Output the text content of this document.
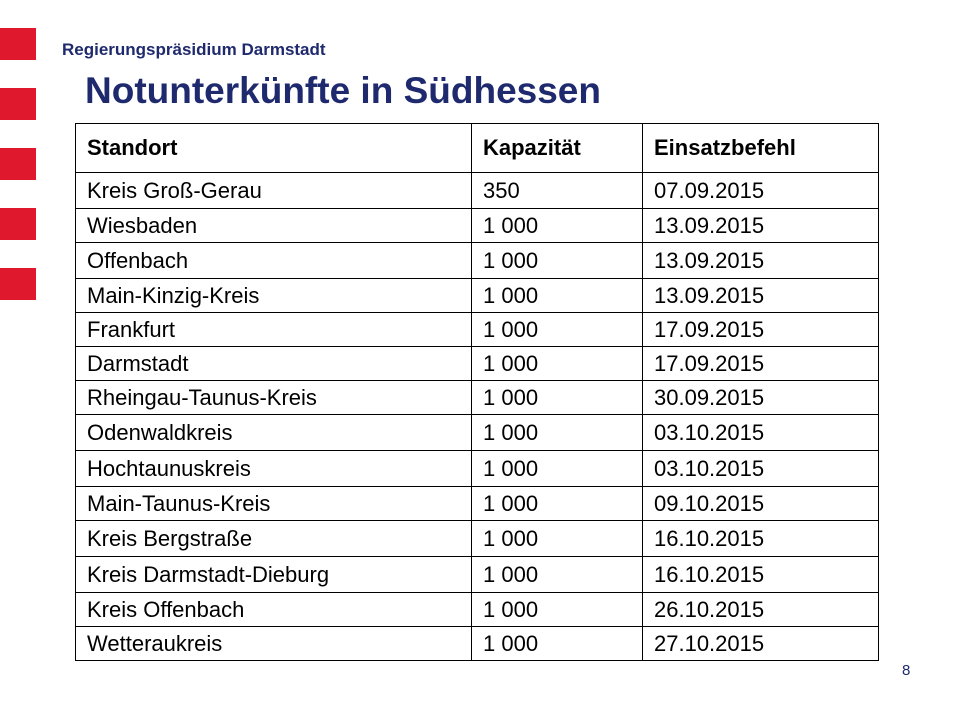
Regierungspräsidium Darmstadt
Notunterkünfte in Südhessen
Standort	Kapazität	Einsatzbefehl
Kreis Groß-Gerau	350	07.09.2015
Wiesbaden	1 000	13.09.2015
Offenbach	1 000	13.09.2015
Main-Kinzig-Kreis	1 000	13.09.2015
Frankfurt	1 000	17.09.2015
Darmstadt	1 000	17.09.2015
Rheingau-Taunus-Kreis	1 000	30.09.2015
Odenwaldkreis	1 000	03.10.2015
Hochtaunuskreis	1 000	03.10.2015
Main-Taunus-Kreis	1 000	09.10.2015
Kreis Bergstraße	1 000	16.10.2015
Kreis Darmstadt-Dieburg	1 000	16.10.2015
Kreis Offenbach	1 000	26.10.2015
Wetteraukreis	1 000	27.10.2015
8
